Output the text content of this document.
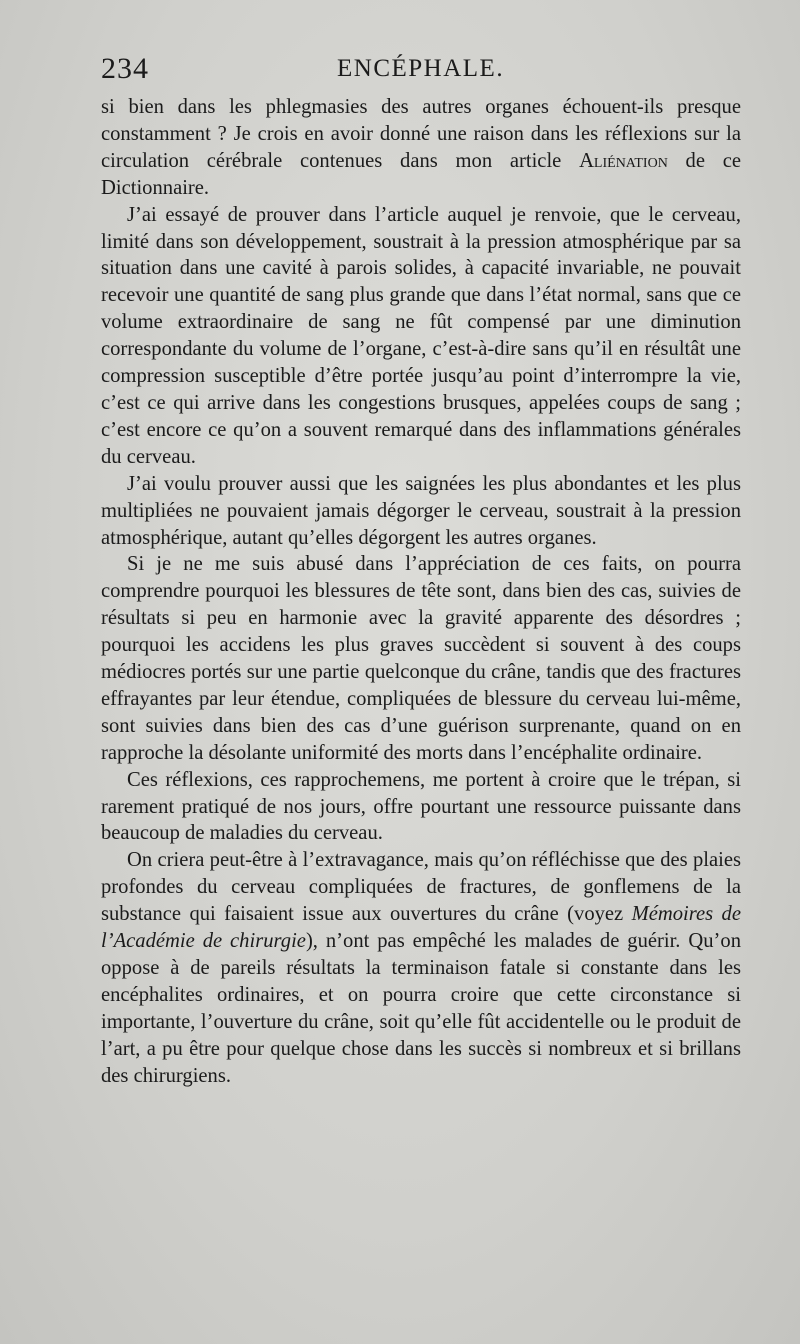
234	ENCÉPHALE.

si bien dans les phlegmasies des autres organes échouent-ils presque constamment ? Je crois en avoir donné une raison dans les réflexions sur la circulation cérébrale contenues dans mon article Aliénation de ce Dictionnaire.

J’ai essayé de prouver dans l’article auquel je renvoie, que le cerveau, limité dans son développement, soustrait à la pression atmosphérique par sa situation dans une cavité à parois solides, à capacité invariable, ne pouvait recevoir une quantité de sang plus grande que dans l’état normal, sans que ce volume extraordinaire de sang ne fût compensé par une diminution correspondante du volume de l’organe, c’est-à-dire sans qu’il en résultât une compression susceptible d’être portée jusqu’au point d’interrompre la vie, c’est ce qui arrive dans les congestions brusques, appelées coups de sang ; c’est encore ce qu’on a souvent remarqué dans des inflammations générales du cerveau.

J’ai voulu prouver aussi que les saignées les plus abondantes et les plus multipliées ne pouvaient jamais dégorger le cerveau, soustrait à la pression atmosphérique, autant qu’elles dégorgent les autres organes.

Si je ne me suis abusé dans l’appréciation de ces faits, on pourra comprendre pourquoi les blessures de tête sont, dans bien des cas, suivies de résultats si peu en harmonie avec la gravité apparente des désordres ; pourquoi les accidens les plus graves succèdent si souvent à des coups médiocres portés sur une partie quelconque du crâne, tandis que des fractures effrayantes par leur étendue, compliquées de blessure du cerveau lui-même, sont suivies dans bien des cas d’une guérison surprenante, quand on en rapproche la désolante uniformité des morts dans l’encéphalite ordinaire.

Ces réflexions, ces rapprochemens, me portent à croire que le trépan, si rarement pratiqué de nos jours, offre pourtant une ressource puissante dans beaucoup de maladies du cerveau.

On criera peut-être à l’extravagance, mais qu’on réfléchisse que des plaies profondes du cerveau compliquées de fractures, de gonflemens de la substance qui faisaient issue aux ouvertures du crâne (voyez Mémoires de l’Académie de chirurgie), n’ont pas empêché les malades de guérir. Qu’on oppose à de pareils résultats la terminaison fatale si constante dans les encéphalites ordinaires, et on pourra croire que cette circonstance si importante, l’ouverture du crâne, soit qu’elle fût accidentelle ou le produit de l’art, a pu être pour quelque chose dans les succès si nombreux et si brillans des chirurgiens.
